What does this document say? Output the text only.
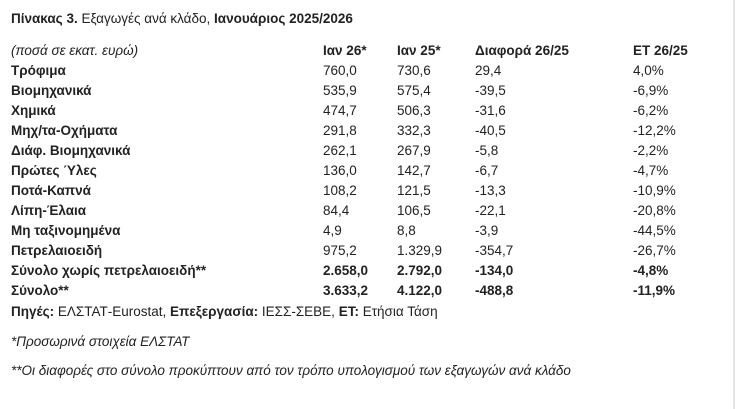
Πίνακας 3. Εξαγωγές ανά κλάδο, Ιανουάριος 2025/2026
(ποσά σε εκατ. ευρώ)	Ιαν 26*	Ιαν 25*	Διαφορά 26/25	ΕΤ 26/25
Τρόφιμα	760,0	730,6	29,4	4,0%
Βιομηχανικά	535,9	575,4	-39,5	-6,9%
Χημικά	474,7	506,3	-31,6	-6,2%
Μηχ/τα-Οχήματα	291,8	332,3	-40,5	-12,2%
Διάφ. Βιομηχανικά	262,1	267,9	-5,8	-2,2%
Πρώτες Ύλες	136,0	142,7	-6,7	-4,7%
Ποτά-Καπνά	108,2	121,5	-13,3	-10,9%
Λίπη-Έλαια	84,4	106,5	-22,1	-20,8%
Μη ταξινομημένα	4,9	8,8	-3,9	-44,5%
Πετρελαιοειδή	975,2	1.329,9	-354,7	-26,7%
Σύνολο χωρίς πετρελαιοειδή**	2.658,0	2.792,0	-134,0	-4,8%
Σύνολο**	3.633,2	4.122,0	-488,8	-11,9%
Πηγές: ΕΛΣΤΑΤ-Eurostat, Επεξεργασία: ΙΕΣΣ-ΣΕΒΕ, ΕΤ: Ετήσια Τάση
*Προσωρινά στοιχεία ΕΛΣΤΑΤ
**Οι διαφορές στο σύνολο προκύπτουν από τον τρόπο υπολογισμού των εξαγωγών ανά κλάδο
